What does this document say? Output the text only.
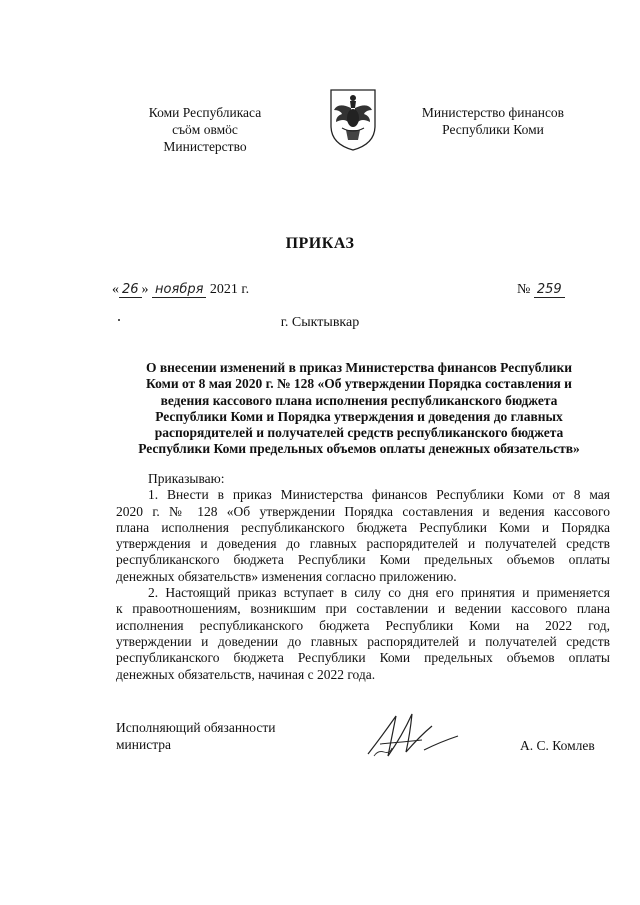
Коми Республикаса
съӧм овмӧс
Министерство
Министерство финансов
Республики Коми
ПРИКАЗ
« 26 » ноября 2021 г.	№ 259
г. Сыктывкар
О внесении изменений в приказ Министерства финансов Республики
Коми от 8 мая 2020 г. № 128 «Об утверждении Порядка составления и
ведения кассового плана исполнения республиканского бюджета
Республики Коми и Порядка утверждения и доведения до главных
распорядителей и получателей средств республиканского бюджета
Республики Коми предельных объемов оплаты денежных обязательств»
Приказываю:
1. Внести в приказ Министерства финансов Республики Коми от 8 мая
2020 г. № 128 «Об утверждении Порядка составления и ведения кассового
плана исполнения республиканского бюджета Республики Коми и Порядка
утверждения и доведения до главных распорядителей и получателей средств
республиканского бюджета Республики Коми предельных объемов оплаты
денежных обязательств» изменения согласно приложению.
2. Настоящий приказ вступает в силу со дня его принятия и применяется
к правоотношениям, возникшим при составлении и ведении кассового плана
исполнения республиканского бюджета Республики Коми на 2022 год,
утверждении и доведении до главных распорядителей и получателей средств
республиканского бюджета Республики Коми предельных объемов оплаты
денежных обязательств, начиная с 2022 года.
Исполняющий обязанности
министра	А. С. Комлев
